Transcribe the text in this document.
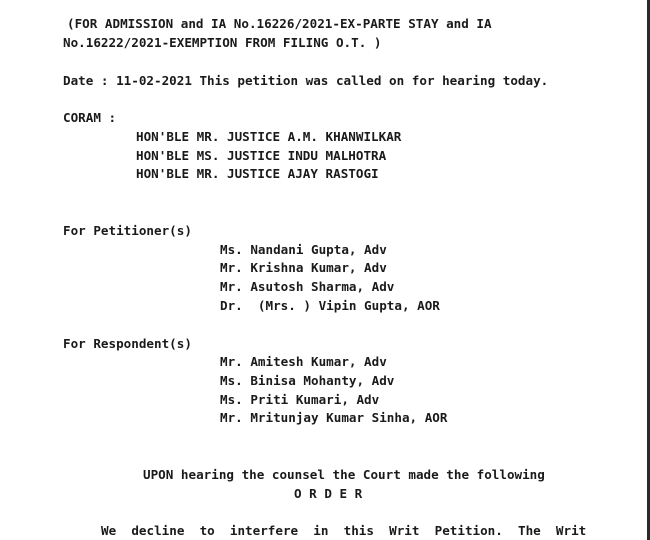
(FOR ADMISSION and IA No.16226/2021-EX-PARTE STAY and IA
No.16222/2021-EXEMPTION FROM FILING O.T. )
Date : 11-02-2021 This petition was called on for hearing today.
CORAM :
HON'BLE MR. JUSTICE A.M. KHANWILKAR
HON'BLE MS. JUSTICE INDU MALHOTRA
HON'BLE MR. JUSTICE AJAY RASTOGI
For Petitioner(s)
Ms. Nandani Gupta, Adv
Mr. Krishna Kumar, Adv
Mr. Asutosh Sharma, Adv
Dr.  (Mrs. ) Vipin Gupta, AOR
For Respondent(s)
Mr. Amitesh Kumar, Adv
Ms. Binisa Mohanty, Adv
Ms. Priti Kumari, Adv
Mr. Mritunjay Kumar Sinha, AOR
UPON hearing the counsel the Court made the following
O R D E R
We  decline  to  interfere  in  this  Writ  Petition.  The  Writ
